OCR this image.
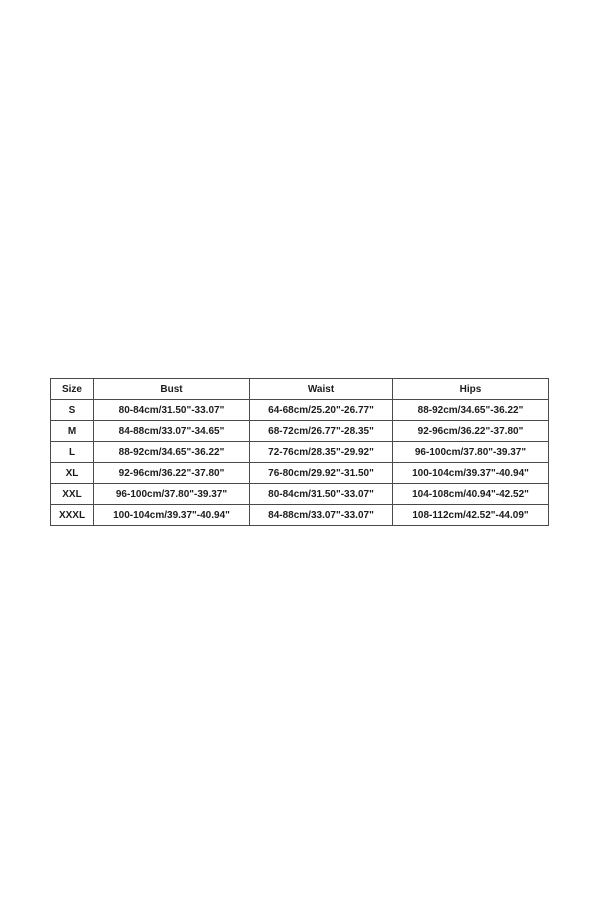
Size	Bust	Waist	Hips
S	80-84cm/31.50"-33.07"	64-68cm/25.20"-26.77"	88-92cm/34.65"-36.22"
M	84-88cm/33.07"-34.65"	68-72cm/26.77"-28.35"	92-96cm/36.22"-37.80"
L	88-92cm/34.65"-36.22"	72-76cm/28.35"-29.92"	96-100cm/37.80"-39.37"
XL	92-96cm/36.22"-37.80"	76-80cm/29.92"-31.50"	100-104cm/39.37"-40.94"
XXL	96-100cm/37.80"-39.37"	80-84cm/31.50"-33.07"	104-108cm/40.94"-42.52"
XXXL	100-104cm/39.37"-40.94"	84-88cm/33.07"-33.07"	108-112cm/42.52"-44.09"
